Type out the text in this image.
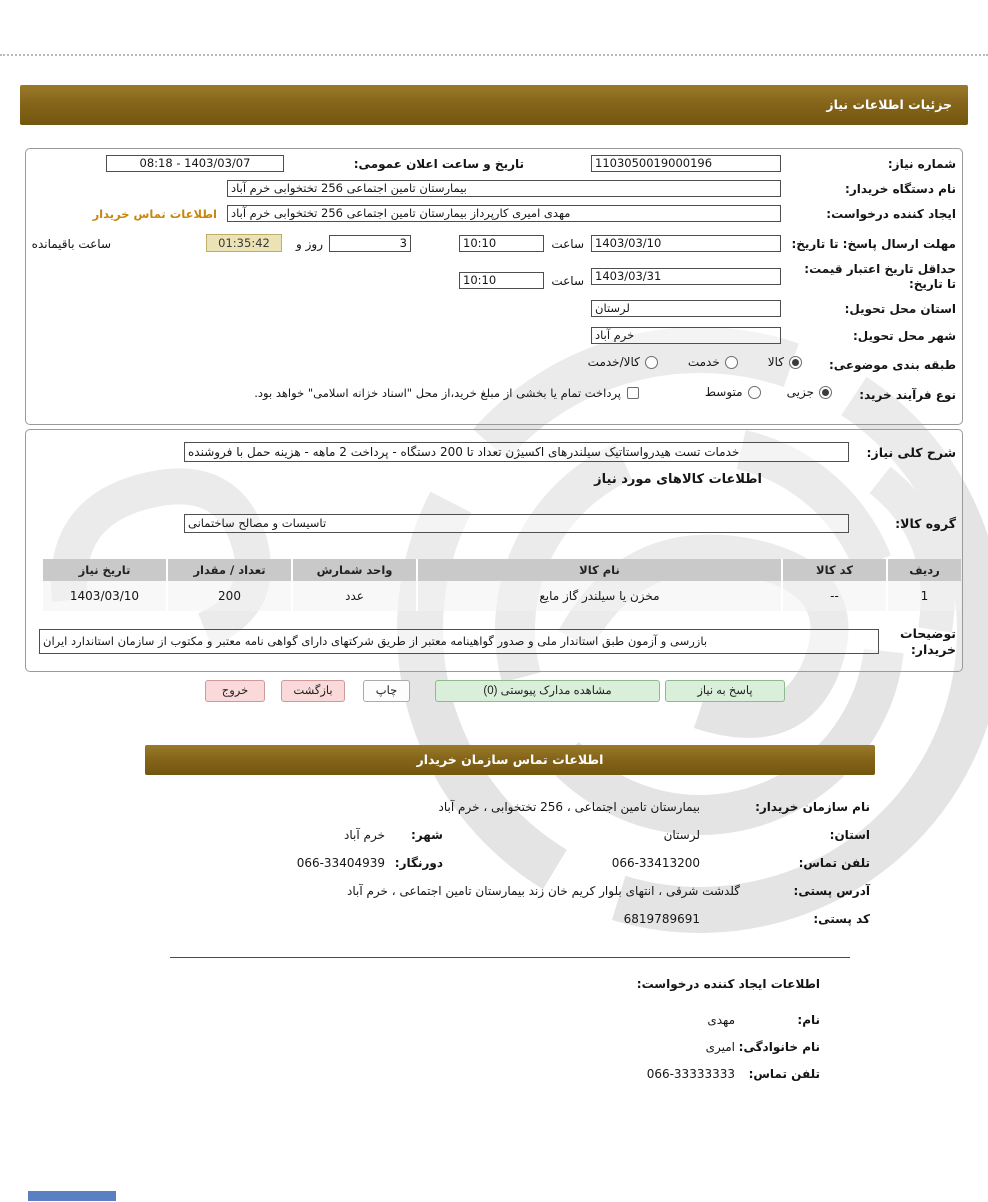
جزئیات اطلاعات نیاز
شماره نیاز:
1103050019000196
تاریخ و ساعت اعلان عمومی:
08:18 - 1403/03/07
نام دستگاه خریدار:
بیمارستان تامین اجتماعی 256 تختخوابی خرم آباد
ایجاد کننده درخواست:
مهدی امیری کارپرداز بیمارستان تامین اجتماعی 256 تختخوابی خرم آباد
اطلاعات تماس خریدار
مهلت ارسال پاسخ: تا تاریخ:
1403/03/10
ساعت
10:10
3
روز و
01:35:42
ساعت باقیمانده
حداقل تاریخ اعتبار قیمت: تا تاریخ:
1403/03/31
ساعت
10:10
استان محل تحویل:
لرستان
شهر محل تحویل:
خرم آباد
طبقه بندی موضوعی:
کالا
خدمت
کالا/خدمت
نوع فرآیند خرید:
جزیی
متوسط
پرداخت تمام یا بخشی از مبلغ خرید،از محل "اسناد خزانه اسلامی" خواهد بود.
شرح کلی نیاز:
خدمات تست هیدرواستاتیک سیلندرهای اکسیژن تعداد تا 200 دستگاه - پرداخت 2 ماهه - هزینه حمل با فروشنده
اطلاعات کالاهای مورد نیاز
گروه کالا:
تاسیسات و مصالح ساختمانی
ردیف
کد کالا
نام کالا
واحد شمارش
تعداد / مقدار
تاریخ نیاز
1
--
مخزن یا سیلندر گاز مایع
عدد
200
1403/03/10
توضیحات خریدار:
بازرسی و آزمون طبق استاندار ملی و صدور گواهینامه معتبر از طریق شرکتهای دارای گواهی نامه معتبر و مکتوب از سازمان استاندارد ایران
پاسخ به نیاز
مشاهده مدارک پیوستی (0)
چاپ
بازگشت
خروج
اطلاعات تماس سازمان خریدار
نام سازمان خریدار:
بیمارستان تامین اجتماعی ، 256 تختخوابی ، خرم آباد
استان:
لرستان
شهر:
خرم آباد
تلفن تماس:
066-33413200
دورنگار:
066-33404939
آدرس پستی:
گلدشت شرقی ، انتهای بلوار کریم خان زند بیمارستان تامین اجتماعی ، خرم آباد
کد پستی:
6819789691
اطلاعات ایجاد کننده درخواست:
نام:
مهدی
نام خانوادگی:
امیری
تلفن تماس:
066-33333333
